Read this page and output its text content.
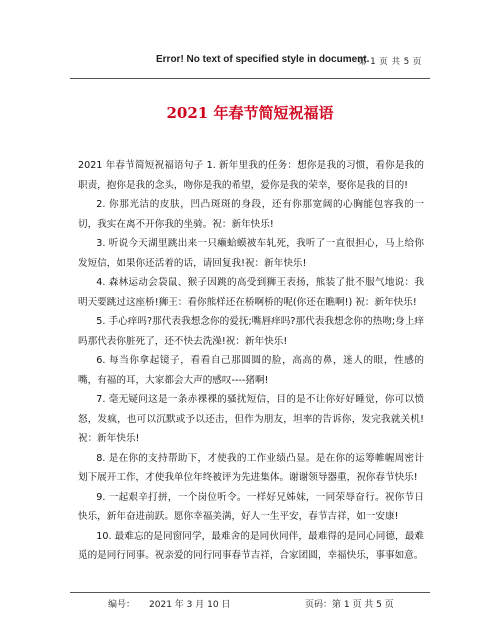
Error! No text of specified style in document.
第 1 页 共 5 页
2021 年春节简短祝福语

2021 年春节简短祝福语句子 1. 新年里我的任务：想你是我的习惯，看你是我的职责，抱你是我的念头，吻你是我的希望，爱你是我的荣幸，娶你是我的目的!

2. 你那光洁的皮肤，凹凸斑斑的身段，还有你那宽阔的心胸能包容我的一切，我实在离不开你我的坐骑。祝：新年快乐!

3. 听说今天湖里跳出来一只癞蛤蟆被车轧死，我听了一直很担心，马上给你发短信，如果你还活着的话，请回复我!祝：新年快乐!

4. 森林运动会袋鼠、猴子因跳的高受到狮王表扬，熊装了批不服气地说：我明天要跳过这座桥!狮王：看你熊样还在桥啊桥的呢(你还在瞧啊!) 祝：新年快乐!

5. 手心痒吗?那代表我想念你的爱抚;嘴唇痒吗?那代表我想念你的热吻;身上痒吗那代表你脏死了，还不快去洗澡!祝：新年快乐!

6. 每当你拿起镜子，看看自己那圆圆的脸，高高的鼻，迷人的眼，性感的嘴，有福的耳，大家都会大声的感叹----猪啊!

7. 毫无疑问这是一条赤裸裸的骚扰短信，目的是不让你好好睡觉，你可以愤怒，发疯，也可以沉默或予以还击，但作为朋友，坦率的告诉你，发完我就关机!祝：新年快乐!

8. 是在你的支持帮助下，才使我的工作业绩凸显。是在你的运筹帷幄周密计划下展开工作，才使我单位年终被评为先进集体。谢谢领导器重，祝你春节快乐!

9. 一起艰辛打拼，一个岗位听令。一样好兄姊妹，一同荣辱奋行。祝你节日快乐，新年奋进前跃。愿你幸福美满，好人一生平安，春节吉祥，如一安康!

10. 最难忘的是同窗同学，最难舍的是同伙同伴，最难得的是同心同德，最难觅的是同行同事。祝亲爱的同行同事春节吉祥，合家团圆，幸福快乐，事事如意。

编号： 2021 年 3 月 10 日	页码：第 1 页 共 5 页
